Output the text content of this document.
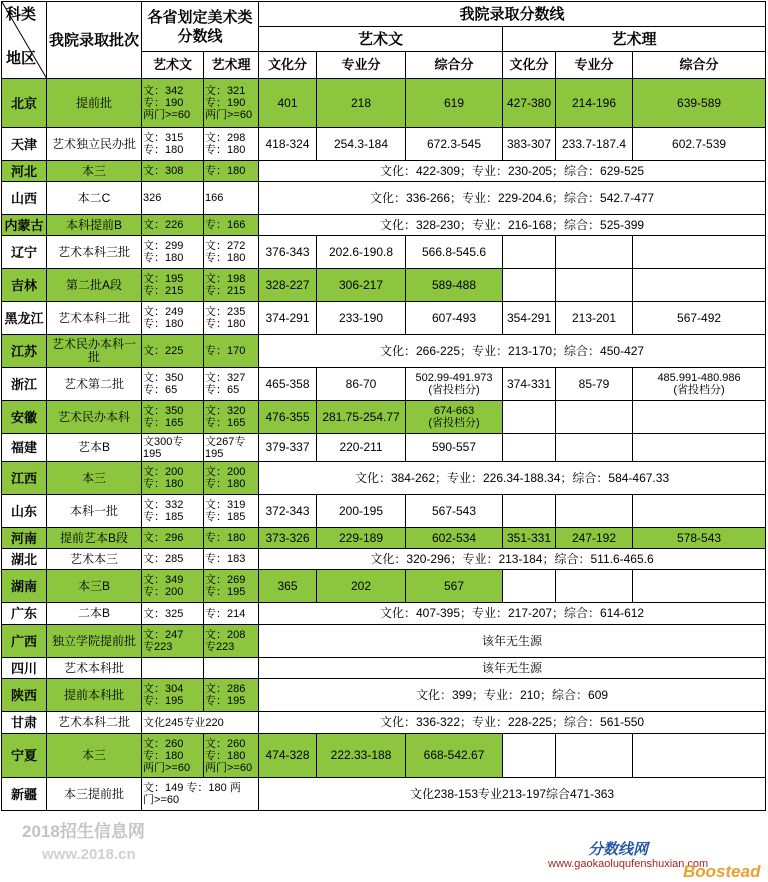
科类
地区	我院录取批次	各省划定美术类分数线		我院录取分数线					
				艺术文			艺术理		
		艺术文	艺术理	文化分	专业分	综合分	文化分	专业分	综合分
北京	提前批	文：342
专：190
两门>=60	文：321
专：190
两门>=60	401	218	619	427-380	214-196	639-589
天津	艺术独立民办批	文：315
专：180	文：298
专：180	418-324	254.3-184	672.3-545	383-307	233.7-187.4	602.7-539
河北	本三	文：308	专：180	文化：422-309；专业：230-205；综合：629-525					
山西	本二C	326	166	文化：336-266；专业：229-204.6；综合：542.7-477					
内蒙古	本科提前B	文：226	专：166	文化：328-230；专业：216-168；综合：525-399					
辽宁	艺术本科三批	文：299
专：180	文：272
专：180	376-343	202.6-190.8	566.8-545.6			
吉林	第二批A段	文：195
专：215	文：198
专：215	328-227	306-217	589-488			
黑龙江	艺术本科二批	文：249
专：180	文：235
专：180	374-291	233-190	607-493	354-291	213-201	567-492
江苏	艺术民办本科一批	文：225	专：170	文化：266-225；专业：213-170；综合：450-427					
浙江	艺术第二批	文：350
专：65	文：327
专：65	465-358	86-70	502.99-491.973
(省投档分)	374-331	85-79	485.991-480.986
(省投档分)
安徽	艺术民办本科	文：350
专：165	文：320
专：165	476-355	281.75-254.77	674-663
(省投档分)			
福建	艺本B	文300专
195	文267专
195	379-337	220-211	590-557			
江西	本三	文：200
专：180	文：200
专：180	文化：384-262；专业：226.34-188.34；综合：584-467.33					
山东	本科一批	文：332
专：185	文：319
专：185	372-343	200-195	567-543			
河南	提前艺本B段	文：296	专：180	373-326	229-189	602-534	351-331	247-192	578-543
湖北	艺术本三	文：285	专：183	文化：320-296；专业：213-184；综合：511.6-465.6					
湖南	本三B	文：349
专：200	文：269
专：195	365	202	567			
广东	二本B	文：325	专：214	文化：407-395；专业：217-207；综合：614-612					
广西	独立学院提前批	文：247
专223	文：208
专223	该年无生源					
四川	艺术本科批			该年无生源					
陕西	提前本科批	文：304
专：195	文：286
专：195	文化：399；专业：210；综合：609					
甘肃	艺术本科二批	文化245专业220		文化：336-322；专业：228-225；综合：561-550					
宁夏	本三	文：260
专：180
两门>=60	文：260
专：180
两门>=60	474-328	222.33-188	668-542.67			
新疆	本三提前批	文：149 专：180 两
门>=60		文化238-153专业213-197综合471-363					
2018招生信息网
www.2018.cn	分数线网
www.gaokaoluqufenshuxian.com
Boostead
